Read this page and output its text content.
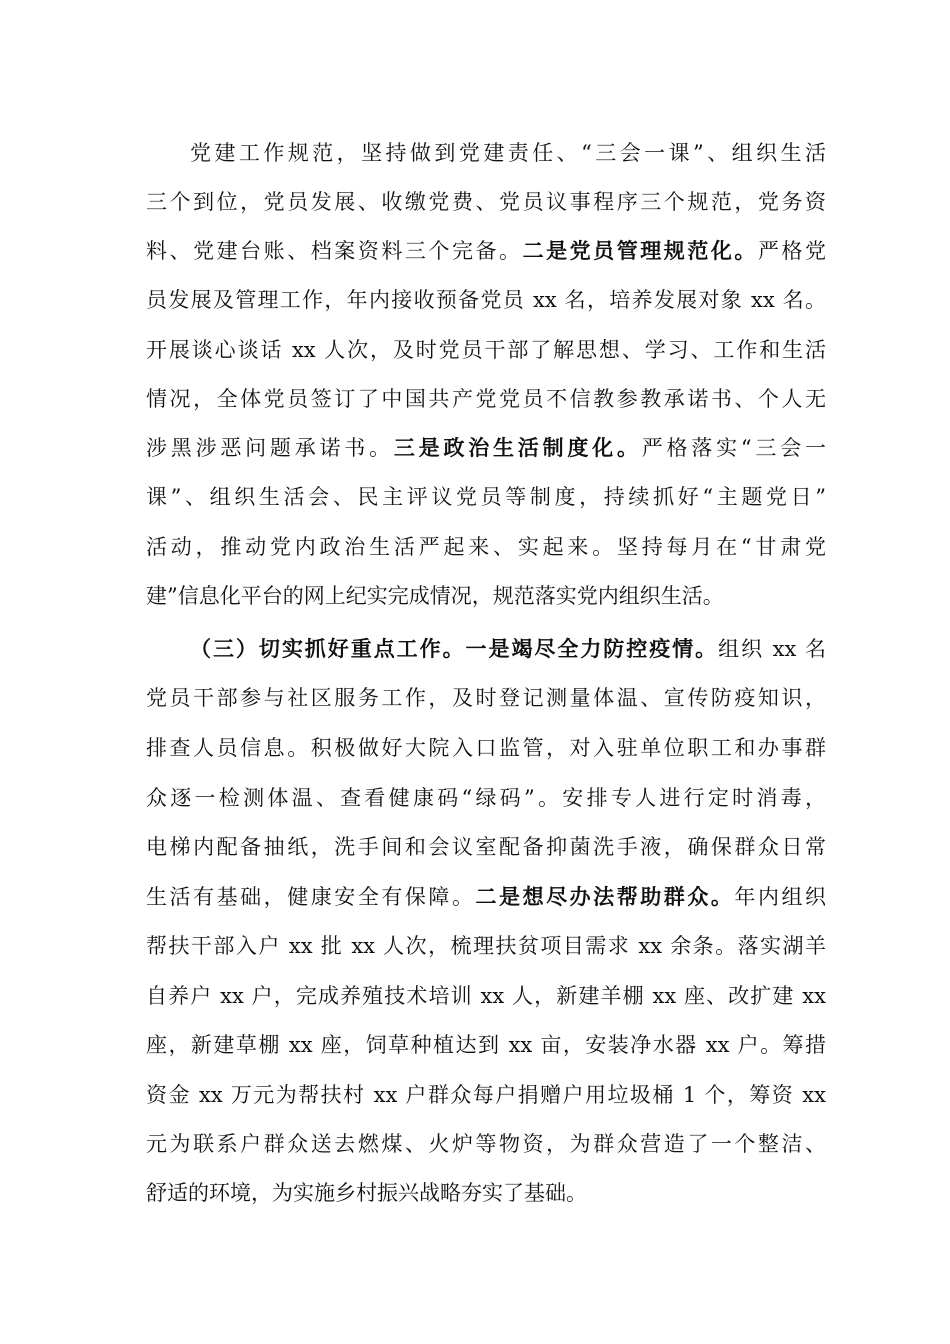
党建工作规范，坚持做到党建责任、“三会一课”、组织生活
三个到位，党员发展、收缴党费、党员议事程序三个规范，党务资
料、党建台账、档案资料三个完备。二是党员管理规范化。严格党
员发展及管理工作，年内接收预备党员 xx 名，培养发展对象 xx 名。
开展谈心谈话 xx 人次，及时党员干部了解思想、学习、工作和生活
情况，全体党员签订了中国共产党党员不信教参教承诺书、个人无
涉黑涉恶问题承诺书。三是政治生活制度化。严格落实“三会一
课”、组织生活会、民主评议党员等制度，持续抓好“主题党日”
活动，推动党内政治生活严起来、实起来。坚持每月在“甘肃党
建”信息化平台的网上纪实完成情况，规范落实党内组织生活。
（三）切实抓好重点工作。一是竭尽全力防控疫情。组织 xx 名
党员干部参与社区服务工作，及时登记测量体温、宣传防疫知识，
排查人员信息。积极做好大院入口监管，对入驻单位职工和办事群
众逐一检测体温、查看健康码“绿码”。安排专人进行定时消毒，
电梯内配备抽纸，洗手间和会议室配备抑菌洗手液，确保群众日常
生活有基础，健康安全有保障。二是想尽办法帮助群众。年内组织
帮扶干部入户 xx 批 xx 人次，梳理扶贫项目需求 xx 余条。落实湖羊
自养户 xx 户，完成养殖技术培训 xx 人，新建羊棚 xx 座、改扩建 xx
座，新建草棚 xx 座，饲草种植达到 xx 亩，安装净水器 xx 户。筹措
资金 xx 万元为帮扶村 xx 户群众每户捐赠户用垃圾桶 1 个，筹资 xx
元为联系户群众送去燃煤、火炉等物资，为群众营造了一个整洁、
舒适的环境，为实施乡村振兴战略夯实了基础。
